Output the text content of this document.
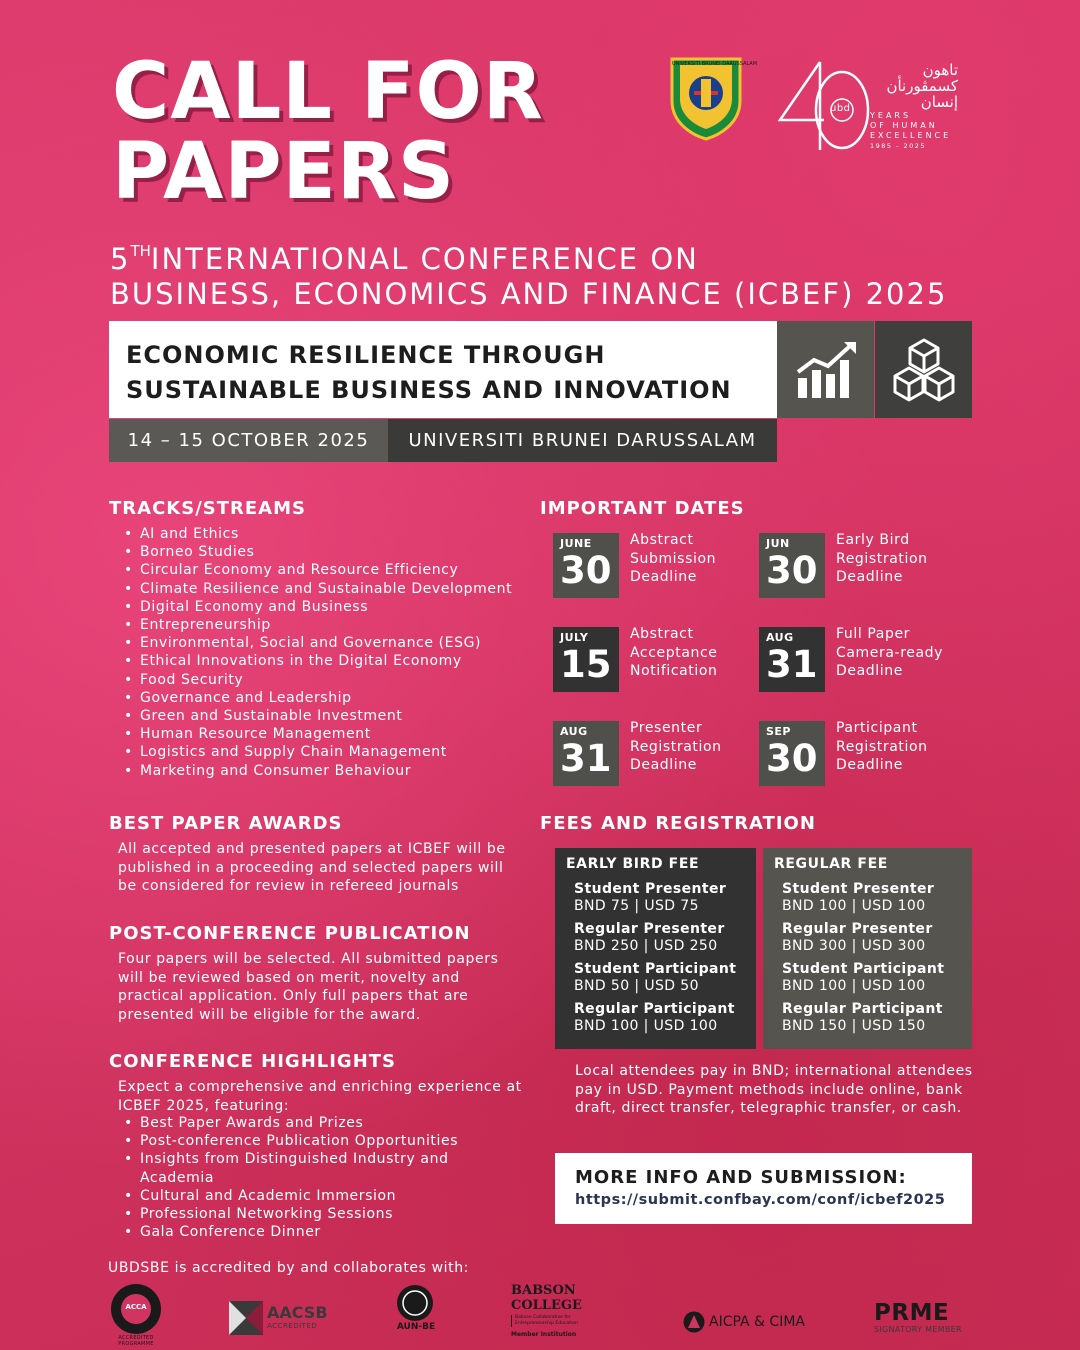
CALL FOR
PAPERS
UNIVERSITI BRUNEI DARUSSALAM
ubd
تاهون
كسمڤورنأن
إنسان
YEARS
OF HUMAN
EXCELLENCE
1985 - 2025
5THINTERNATIONAL CONFERENCE ON
BUSINESS, ECONOMICS AND FINANCE (ICBEF) 2025
ECONOMIC RESILIENCE THROUGH
SUSTAINABLE BUSINESS AND INNOVATION
14 – 15 OCTOBER 2025	UNIVERSITI BRUNEI DARUSSALAM
TRACKS/STREAMS
• AI and Ethics
• Borneo Studies
• Circular Economy and Resource Efficiency
• Climate Resilience and Sustainable Development
• Digital Economy and Business
• Entrepreneurship
• Environmental, Social and Governance (ESG)
• Ethical Innovations in the Digital Economy
• Food Security
• Governance and Leadership
• Green and Sustainable Investment
• Human Resource Management
• Logistics and Supply Chain Management
• Marketing and Consumer Behaviour
BEST PAPER AWARDS
All accepted and presented papers at ICBEF will be
published in a proceeding and selected papers will
be considered for review in refereed journals
POST-CONFERENCE PUBLICATION
Four papers will be selected. All submitted papers
will be reviewed based on merit, novelty and
practical application. Only full papers that are
presented will be eligible for the award.
CONFERENCE HIGHLIGHTS
Expect a comprehensive and enriching experience at
ICBEF 2025, featuring:
• Best Paper Awards and Prizes
• Post-conference Publication Opportunities
• Insights from Distinguished Industry and Academia
• Cultural and Academic Immersion
• Professional Networking Sessions
• Gala Conference Dinner
IMPORTANT DATES
JUNE
30
Abstract
Submission
Deadline
JUN
30
Early Bird
Registration
Deadline
JULY
15
Abstract
Acceptance
Notification
AUG
31
Full Paper
Camera-ready
Deadline
AUG
31
Presenter
Registration
Deadline
SEP
30
Participant
Registration
Deadline
FEES AND REGISTRATION
EARLY BIRD FEE
Student Presenter
BND 75 | USD 75
Regular Presenter
BND 250 | USD 250
Student Participant
BND 50 | USD 50
Regular Participant
BND 100 | USD 100
REGULAR FEE
Student Presenter
BND 100 | USD 100
Regular Presenter
BND 300 | USD 300
Student Participant
BND 100 | USD 100
Regular Participant
BND 150 | USD 150
Local attendees pay in BND; international attendees
pay in USD. Payment methods include online, bank
draft, direct transfer, telegraphic transfer, or cash.
MORE INFO AND SUBMISSION:
https://submit.confbay.com/conf/icbef2025
UBDSBE is accredited by and collaborates with:
ACCA
ACCREDITED PROGRAMME
AACSB
ACCREDITED	AUN-BE
BABSON COLLEGE
Babson Collaborative for
Entrepreneurship Education
Member Institution
AICPA & CIMA	PRME
SIGNATORY MEMBER
